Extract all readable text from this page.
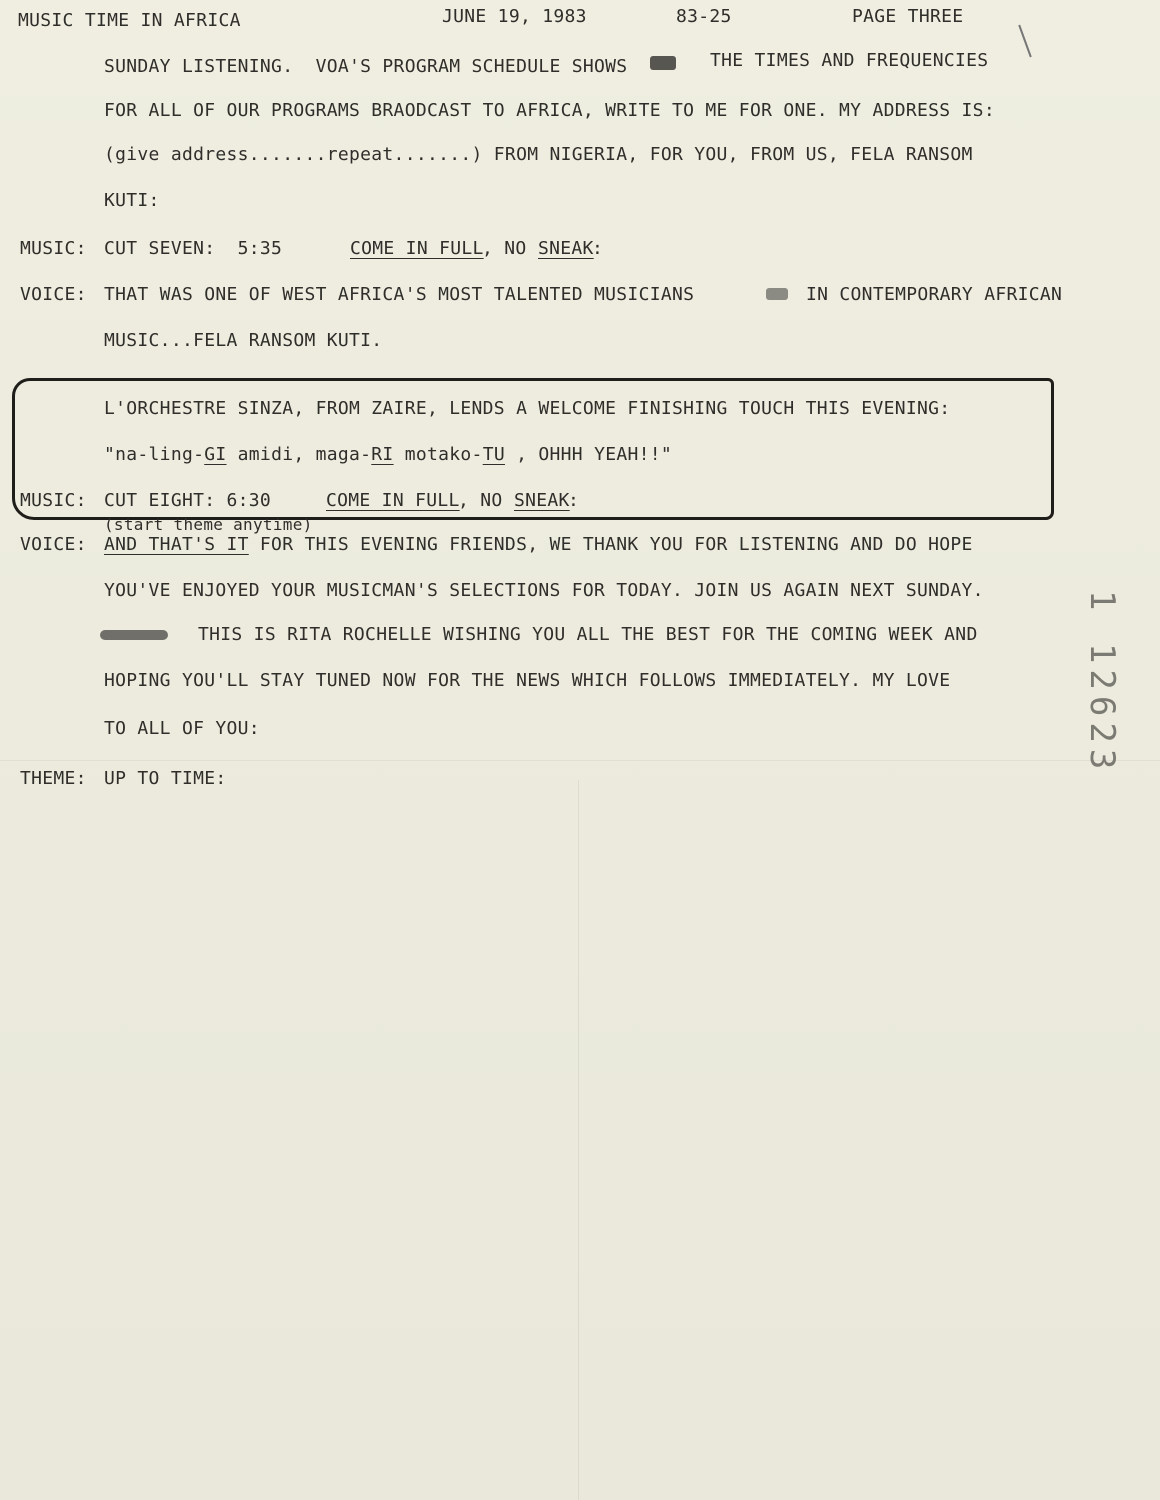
MUSIC TIME IN AFRICA	JUNE 19, 1983	83-25	PAGE THREE
SUNDAY LISTENING.  VOA'S PROGRAM SCHEDULE SHOWS	THE TIMES AND FREQUENCIES
FOR ALL OF OUR PROGRAMS BRAODCAST TO AFRICA, WRITE TO ME FOR ONE. MY ADDRESS IS:
(give address.......repeat.......) FROM NIGERIA, FOR YOU, FROM US, FELA RANSOM
KUTI:
MUSIC: CUT SEVEN:  5:35	COME IN FULL
, NO SNEAK
:
VOICE: THAT WAS ONE OF WEST AFRICA'S MOST TALENTED MUSICIANS	IN CONTEMPORARY AFRICAN
MUSIC...FELA RANSOM KUTI.
L'ORCHESTRE SINZA, FROM ZAIRE, LENDS A WELCOME FINISHING TOUCH THIS EVENING:
"na-ling-GI amidi, maga-RI motako-TU , OHHH YEAH!!"
MUSIC: CUT EIGHT: 6:30	COME IN FULL
, NO SNEAK
:
(start theme anytime)
VOICE: AND THAT'S IT FOR THIS EVENING FRIENDS, WE THANK YOU FOR LISTENING AND DO HOPE
YOU'VE ENJOYED YOUR MUSICMAN'S SELECTIONS FOR TODAY. JOIN US AGAIN NEXT SUNDAY.
THIS IS RITA ROCHELLE WISHING YOU ALL THE BEST FOR THE COMING WEEK AND
HOPING YOU'LL STAY TUNED NOW FOR THE NEWS WHICH FOLLOWS IMMEDIATELY. MY LOVE
TO ALL OF YOU:
THEME: UP TO TIME:
1 12623
